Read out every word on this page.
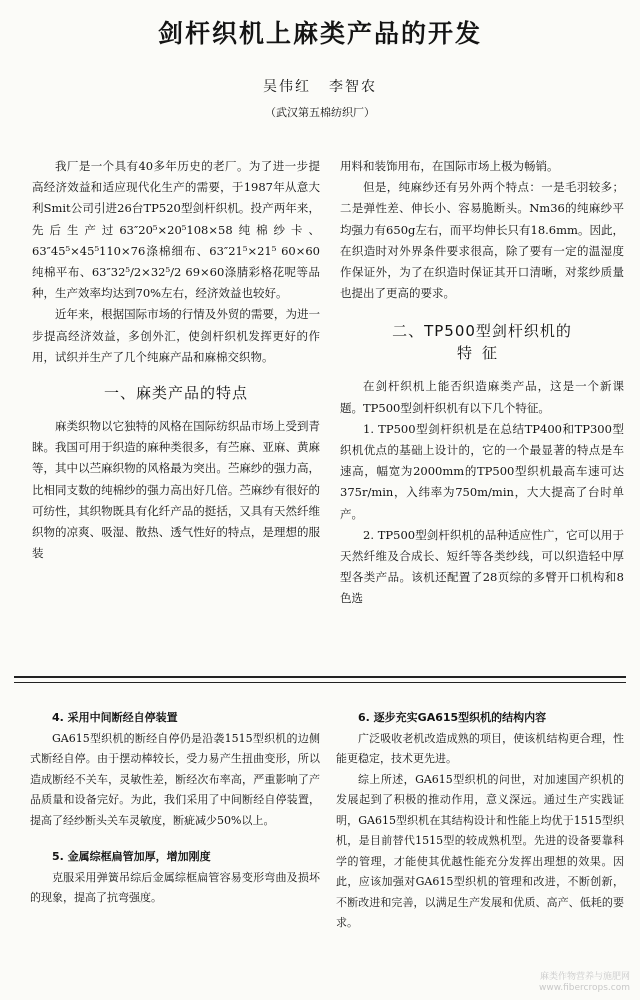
剑杆织机上麻类产品的开发
吴伟红 李智农
（武汉第五棉纺织厂）

我厂是一个具有40多年历史的老厂。为了进一步提高经济效益和适应现代化生产的需要，于1987年从意大利Smit公司引进26台TP520型剑杆织机。投产两年来，先后生产过63″20⁵×20⁵108×58纯棉纱卡、63″45⁵×45⁵110×76涤棉细布、63″21⁵×21⁵ 60×60纯棉平布、63″32⁵/2×32⁵/2 69×60涤腈彩格花呢等品种，生产效率均达到70%左右，经济效益也较好。

近年来，根据国际市场的行情及外贸的需要，为进一步提高经济效益，多创外汇，使剑杆织机发挥更好的作用，试织并生产了几个纯麻产品和麻棉交织物。

一、麻类产品的特点

麻类织物以它独特的风格在国际纺织品市场上受到青睐。我国可用于织造的麻种类很多，有苎麻、亚麻、黄麻等，其中以苎麻织物的风格最为突出。苎麻纱的强力高，比相同支数的纯棉纱的强力高出好几倍。苎麻纱有很好的可纺性，其织物既具有化纤产品的挺括，又具有天然纤维织物的凉爽、吸湿、散热、透气性好的特点，是理想的服装

用料和装饰用布，在国际市场上极为畅销。

但是，纯麻纱还有另外两个特点：一是毛羽较多；二是弹性差、伸长小、容易脆断头。Nm36的纯麻纱平均强力有650g左右，而平均伸长只有18.6mm。因此，在织造时对外界条件要求很高，除了要有一定的温湿度作保证外，为了在织造时保证其开口清晰，对浆纱质量也提出了更高的要求。

二、TP500型剑杆织机的
特征

在剑杆织机上能否织造麻类产品，这是一个新课题。TP500型剑杆织机有以下几个特征。

1. TP500型剑杆织机是在总结TP400和TP300型织机优点的基础上设计的，它的一个最显著的特点是车速高，幅宽为2000mm的TP500型织机最高车速可达375r/min，入纬率为750m/min，大大提高了台时单产。

2. TP500型剑杆织机的品种适应性广，它可以用于天然纤维及合成长、短纤等各类纱线，可以织造轻中厚型各类产品。该机还配置了28页综的多臂开口机构和8色选

4. 采用中间断经自停装置

GA615型织机的断经自停仍是沿袭1515型织机的边侧式断经自停。由于摆动棒较长，受力易产生扭曲变形，所以造成断经不关车，灵敏性差，断经次布率高，严重影响了产品质量和设备完好。为此，我们采用了中间断经自停装置，提高了经纱断头关车灵敏度，断疵减少50%以上。

5. 金属综框扁管加厚，增加刚度

克服采用弹簧吊综后金属综框扁管容易变形弯曲及损坏的现象，提高了抗弯强度。

6. 逐步充实GA615型织机的结构内容

广泛吸收老机改造成熟的项目，使该机结构更合理，性能更稳定，技术更先进。

综上所述，GA615型织机的问世，对加速国产织机的发展起到了积极的推动作用，意义深远。通过生产实践证明，GA615型织机在其结构设计和性能上均优于1515型织机，是目前替代1515型的较成熟机型。先进的设备要靠科学的管理，才能使其优越性能充分发挥出理想的效果。因此，应该加强对GA615型织机的管理和改进，不断创新，不断改进和完善，以满足生产发展和优质、高产、低耗的要求。

麻类作物营养与施肥网
www.fibercrops.com
